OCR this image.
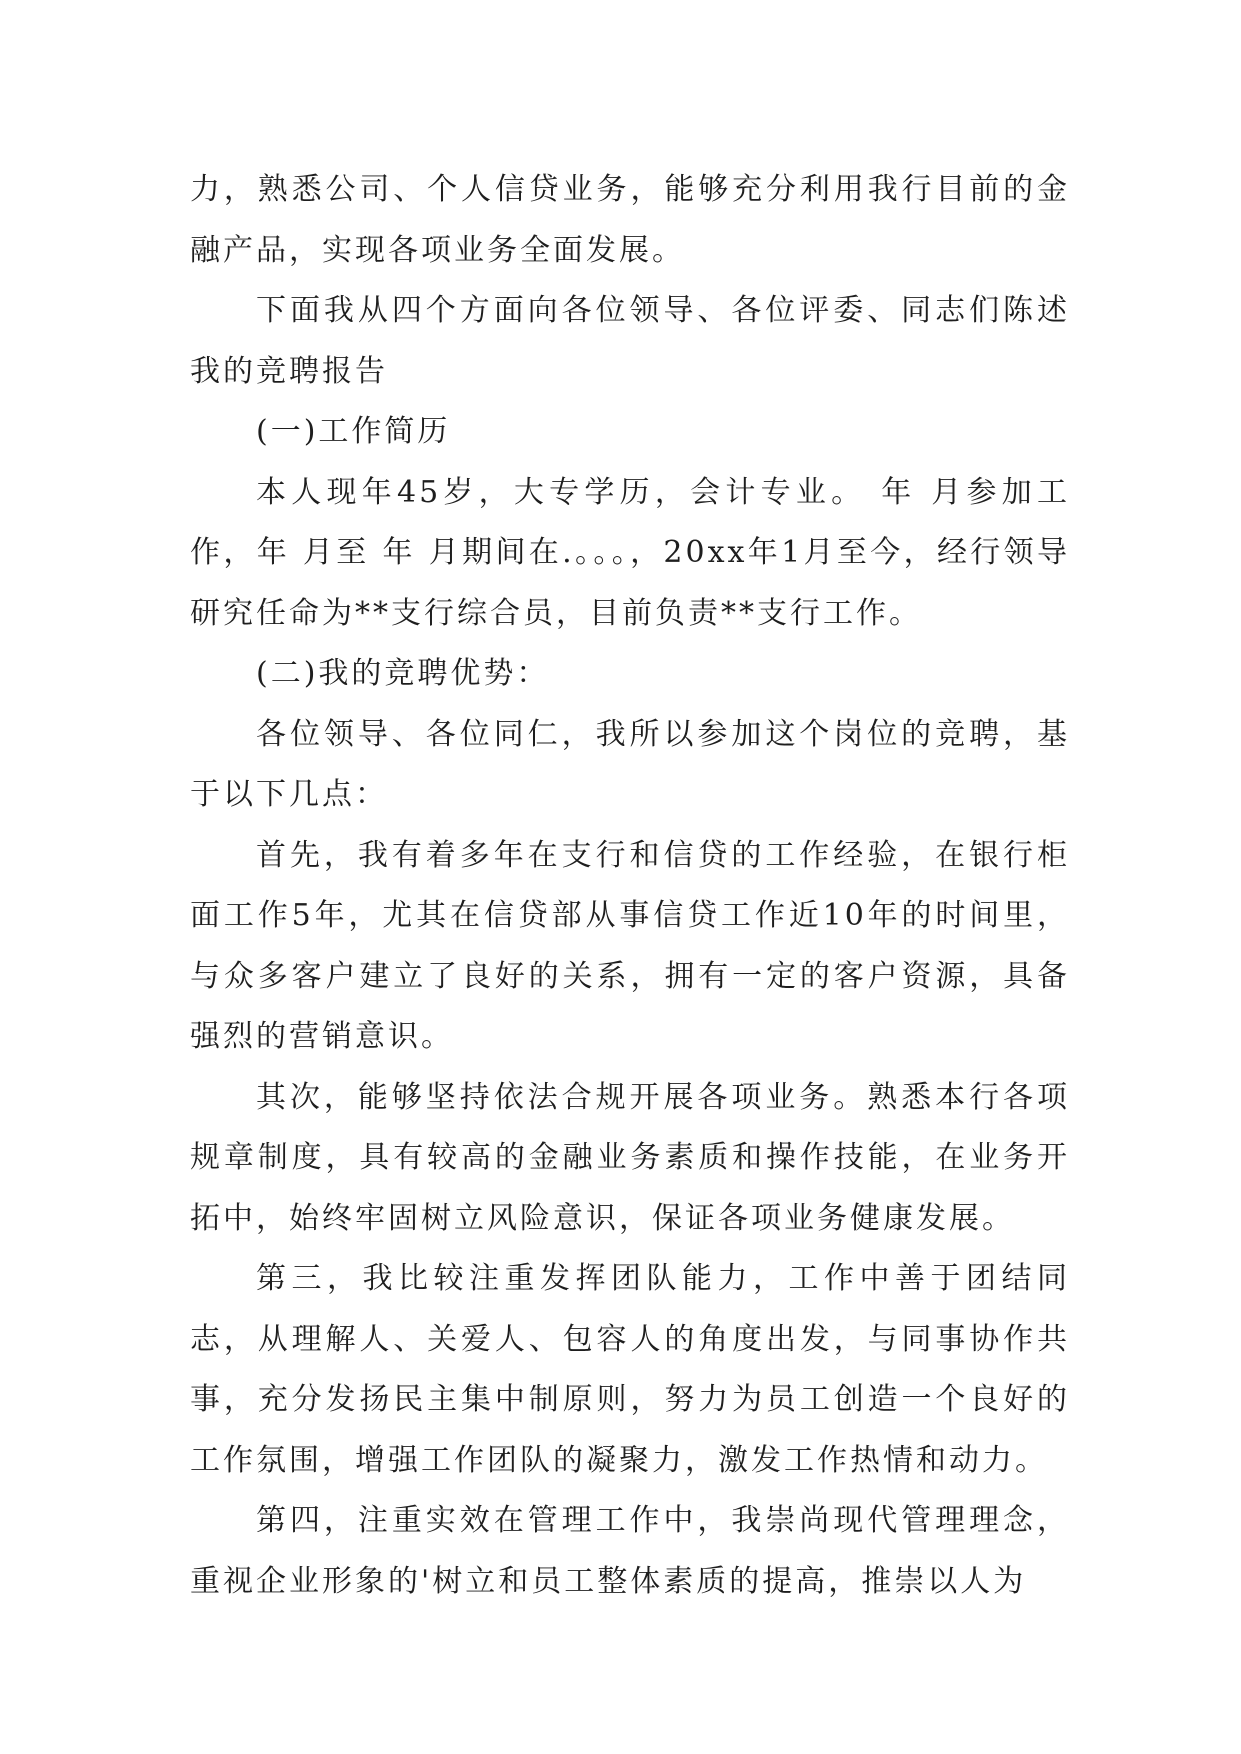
力，熟悉公司、个人信贷业务，能够充分利用我行目前的金融产品，实现各项业务全面发展。

下面我从四个方面向各位领导、各位评委、同志们陈述我的竞聘报告

(一)工作简历

本人现年45岁，大专学历，会计专业。 年 月参加工作，年 月至 年 月期间在.。。。，20xx年1月至今，经行领导研究任命为**支行综合员，目前负责**支行工作。

(二)我的竞聘优势：

各位领导、各位同仁，我所以参加这个岗位的竞聘，基于以下几点：

首先，我有着多年在支行和信贷的工作经验，在银行柜面工作5年，尤其在信贷部从事信贷工作近10年的时间里，与众多客户建立了良好的关系，拥有一定的客户资源，具备强烈的营销意识。

其次，能够坚持依法合规开展各项业务。熟悉本行各项规章制度，具有较高的金融业务素质和操作技能，在业务开拓中，始终牢固树立风险意识，保证各项业务健康发展。

第三，我比较注重发挥团队能力，工作中善于团结同志，从理解人、关爱人、包容人的角度出发，与同事协作共事，充分发扬民主集中制原则，努力为员工创造一个良好的工作氛围，增强工作团队的凝聚力，激发工作热情和动力。

第四，注重实效在管理工作中，我崇尚现代管理理念，重视企业形象的'树立和员工整体素质的提高，推崇以人为
